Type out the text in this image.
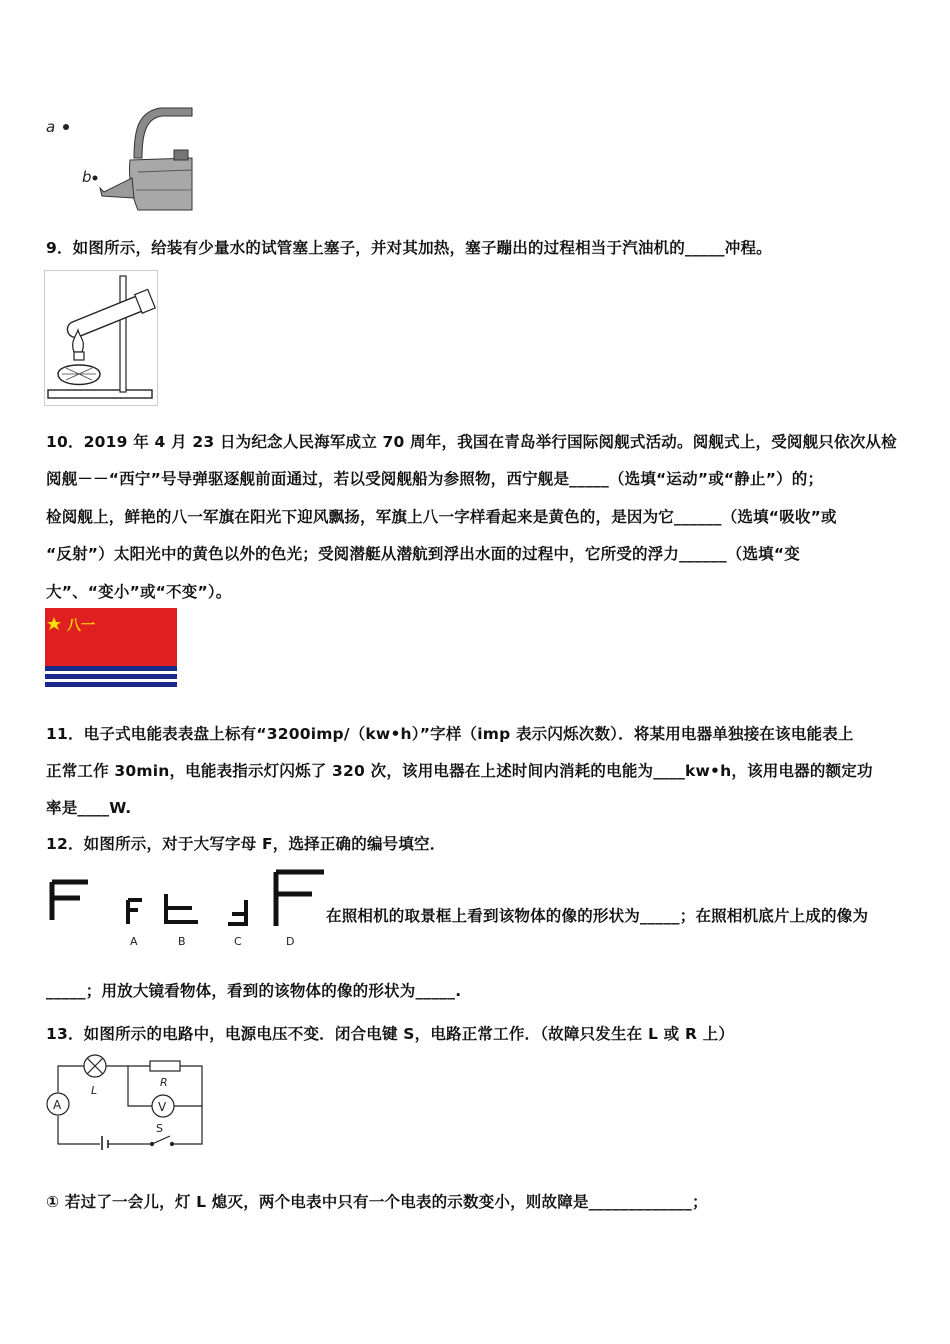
a
b
9．如图所示，给装有少量水的试管塞上塞子，并对其加热，塞子蹦出的过程相当于汽油机的_____冲程。
10．2019 年 4 月 23 日为纪念人民海军成立 70 周年，我国在青岛举行国际阅舰式活动。阅舰式上，受阅舰只依次从检
阅舰－－“西宁”号导弹驱逐舰前面通过，若以受阅舰船为参照物，西宁舰是_____（选填“运动”或“静止”）的；
检阅舰上，鲜艳的八一军旗在阳光下迎风飘扬，军旗上八一字样看起来是黄色的，是因为它______（选填“吸收”或
“反射”）太阳光中的黄色以外的色光；受阅潜艇从潜航到浮出水面的过程中，它所受的浮力______（选填“变
大”、“变小”或“不变”）。
八一
11．电子式电能表表盘上标有“3200imp/（kw•h）”字样（imp 表示闪烁次数）．将某用电器单独接在该电能表上
正常工作 30min，电能表指示灯闪烁了 320 次，该用电器在上述时间内消耗的电能为____kw•h，该用电器的额定功
率是____W.
12．如图所示，对于大写字母 F，选择正确的编号填空．
A	B	C	D
在照相机的取景框上看到该物体的像的形状为_____；在照相机底片上成的像为
_____；用放大镜看物体，看到的该物体的像的形状为_____.
13．如图所示的电路中，电源电压不变．闭合电键 S，电路正常工作．（故障只发生在 L 或 R 上）
A
L
R
V
S
① 若过了一会儿，灯 L 熄灭，两个电表中只有一个电表的示数变小，则故障是_____________；
